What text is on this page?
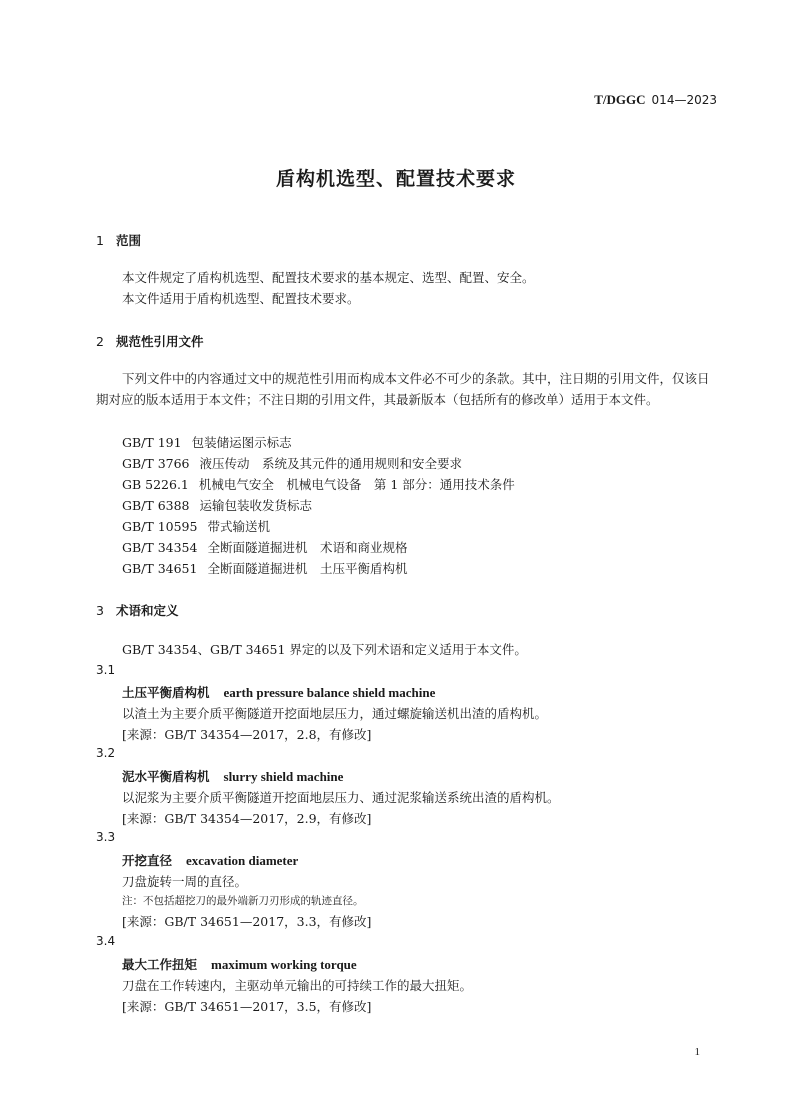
T/DGGC 014—2023
盾构机选型、配置技术要求
1 范围
本文件规定了盾构机选型、配置技术要求的基本规定、选型、配置、安全。
本文件适用于盾构机选型、配置技术要求。
2 规范性引用文件
下列文件中的内容通过文中的规范性引用而构成本文件必不可少的条款。其中，注日期的引用文件，仅该日期对应的版本适用于本文件；不注日期的引用文件，其最新版本（包括所有的修改单）适用于本文件。
GB/T 191 包装储运图示标志
GB/T 3766 液压传动　系统及其元件的通用规则和安全要求
GB 5226.1 机械电气安全　机械电气设备　第 1 部分：通用技术条件
GB/T 6388 运输包装收发货标志
GB/T 10595 带式输送机
GB/T 34354 全断面隧道掘进机　术语和商业规格
GB/T 34651 全断面隧道掘进机　土压平衡盾构机
3 术语和定义
GB/T 34354、GB/T 34651 界定的以及下列术语和定义适用于本文件。
3.1
土压平衡盾构机 earth pressure balance shield machine
以渣土为主要介质平衡隧道开挖面地层压力，通过螺旋输送机出渣的盾构机。
[来源：GB/T 34354—2017，2.8，有修改]
3.2
泥水平衡盾构机 slurry shield machine
以泥浆为主要介质平衡隧道开挖面地层压力、通过泥浆输送系统出渣的盾构机。
[来源：GB/T 34354—2017，2.9，有修改]
3.3
开挖直径 excavation diameter
刀盘旋转一周的直径。
注：不包括超挖刀的最外端新刀刃形成的轨迹直径。
[来源：GB/T 34651—2017，3.3，有修改]
3.4
最大工作扭矩 maximum working torque
刀盘在工作转速内，主驱动单元输出的可持续工作的最大扭矩。
[来源：GB/T 34651—2017，3.5，有修改]
1
